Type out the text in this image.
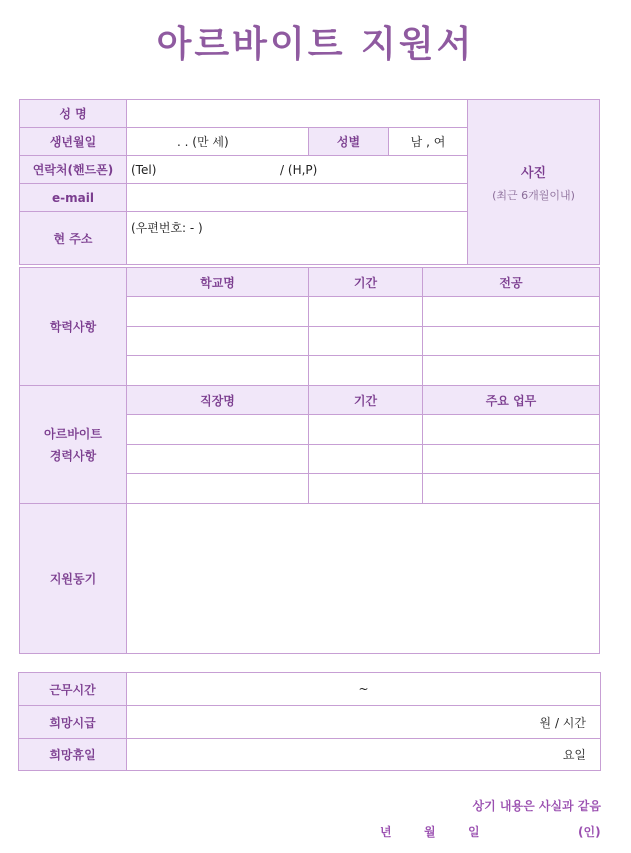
아르바이트 지원서
성 명				사진
(최근 6개월이내)

생년월일	. . (만 세)	성별	남 , 여	
연락처(핸드폰)	(Tel) / (H,P)			
e-mail				
현 주소	(우편번호: - )			
학력사항	학교명	기간	전공

아르바이트
경력사항	직장명	기간	주요 업무

지원동기	
근무시간	~
희망시급	원 / 시간
희망휴일	요일
상기 내용은 사실과 같음
년	월	일	(인)
